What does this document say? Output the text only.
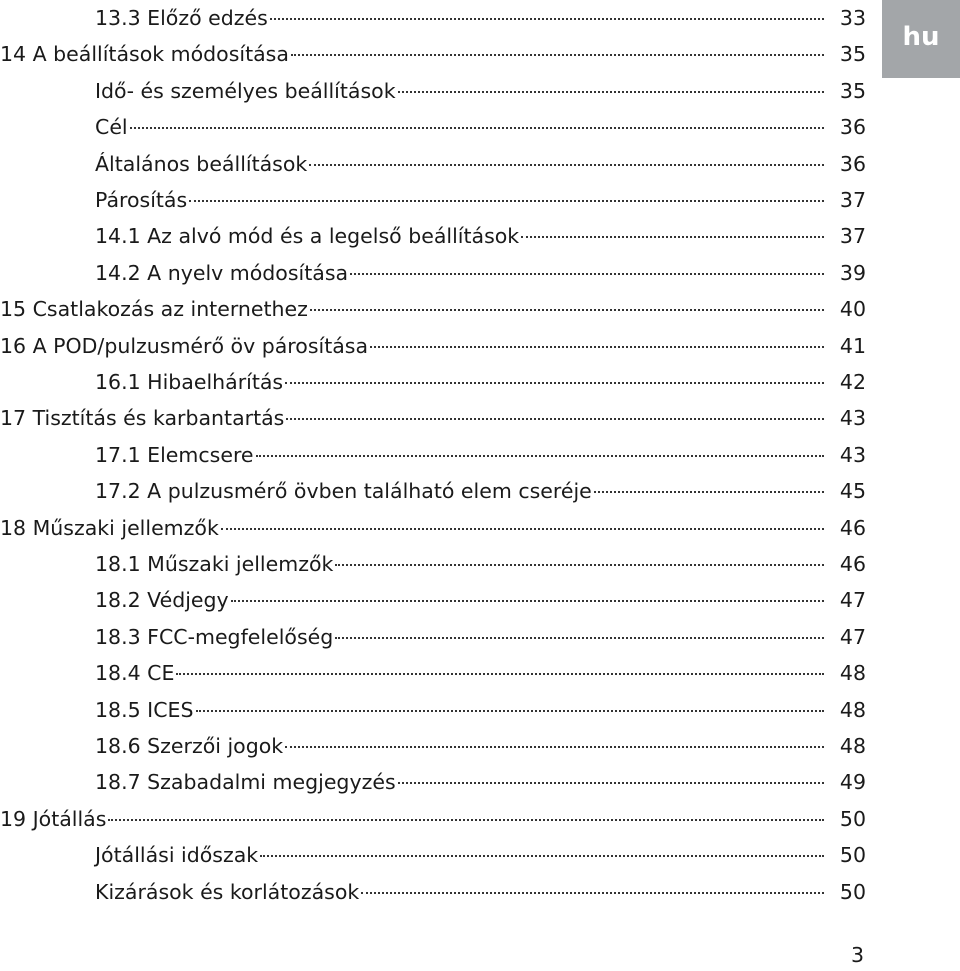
13.3 Előző edzés	33
14 A beállítások módosítása	35
Idő- és személyes beállítások	35
Cél	36
Általános beállítások	36
Párosítás	37
14.1 Az alvó mód és a legelső beállítások	37
14.2 A nyelv módosítása	39
15 Csatlakozás az internethez	40
16 A POD/pulzusmérő öv párosítása	41
16.1 Hibaelhárítás	42
17 Tisztítás és karbantartás	43
17.1 Elemcsere	43
17.2 A pulzusmérő övben található elem cseréje	45
18 Műszaki jellemzők	46
18.1 Műszaki jellemzők	46
18.2 Védjegy	47
18.3 FCC-megfelelőség	47
18.4 CE	48
18.5 ICES	48
18.6 Szerzői jogok	48
18.7 Szabadalmi megjegyzés	49
19 Jótállás	50
Jótállási időszak	50
Kizárások és korlátozások	50
hu
3
